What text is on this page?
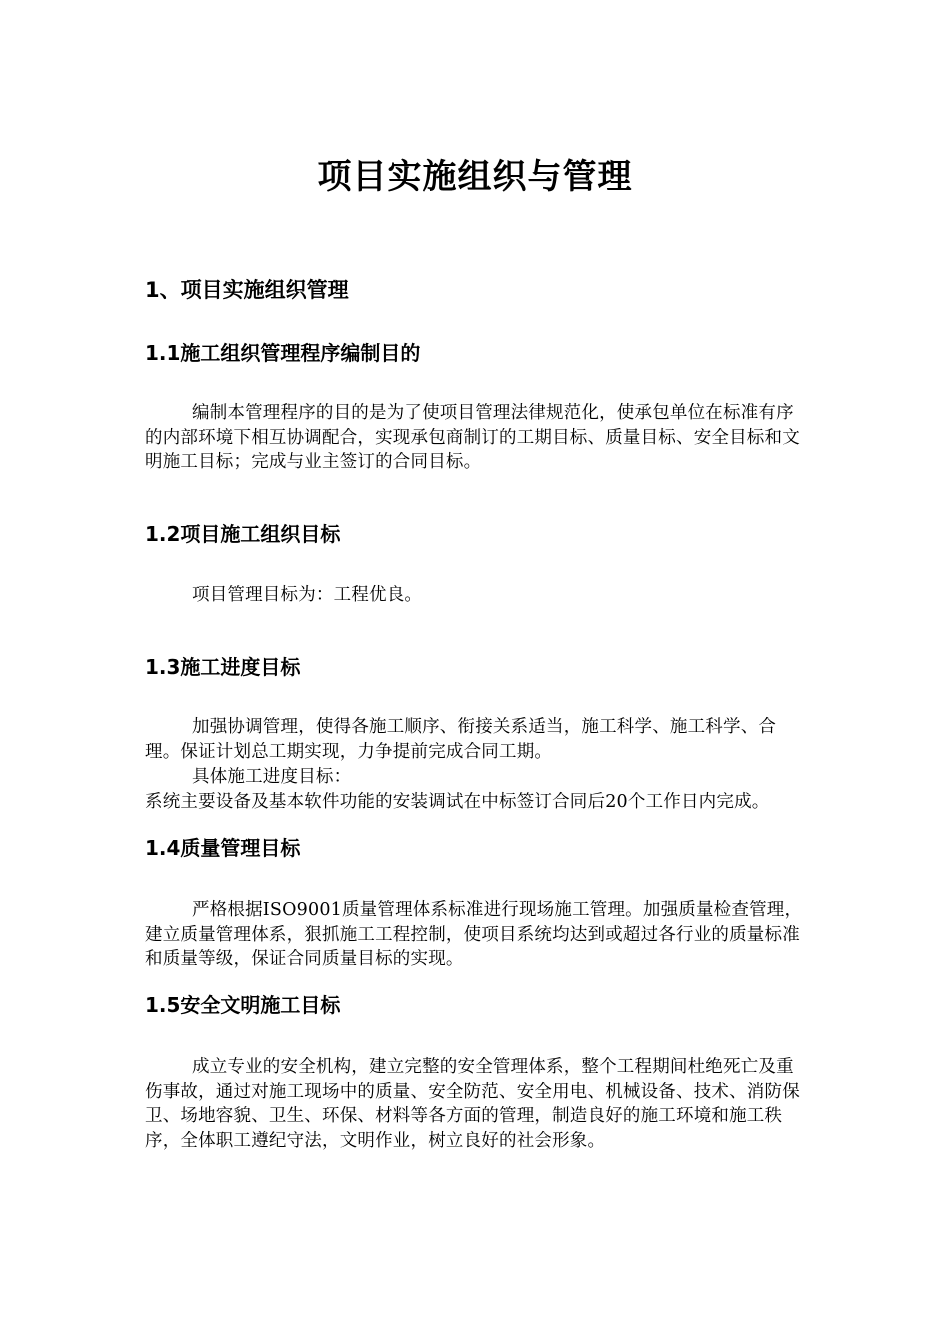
项目实施组织与管理
1、项目实施组织管理
1.1施工组织管理程序编制目的
编制本管理程序的目的是为了使项目管理法律规范化，使承包单位在标准有序的内部环境下相互协调配合，实现承包商制订的工期目标、质量目标、安全目标和文明施工目标；完成与业主签订的合同目标。
1.2项目施工组织目标
项目管理目标为：工程优良。
1.3施工进度目标
加强协调管理，使得各施工顺序、衔接关系适当，施工科学、施工科学、合理。保证计划总工期实现，力争提前完成合同工期。
具体施工进度目标：
系统主要设备及基本软件功能的安装调试在中标签订合同后20个工作日内完成。
1.4质量管理目标
严格根据ISO9001质量管理体系标准进行现场施工管理。加强质量检查管理，建立质量管理体系，狠抓施工工程控制，使项目系统均达到或超过各行业的质量标准和质量等级，保证合同质量目标的实现。
1.5安全文明施工目标
成立专业的安全机构，建立完整的安全管理体系，整个工程期间杜绝死亡及重伤事故，通过对施工现场中的质量、安全防范、安全用电、机械设备、技术、消防保卫、场地容貌、卫生、环保、材料等各方面的管理，制造良好的施工环境和施工秩序，全体职工遵纪守法，文明作业，树立良好的社会形象。
